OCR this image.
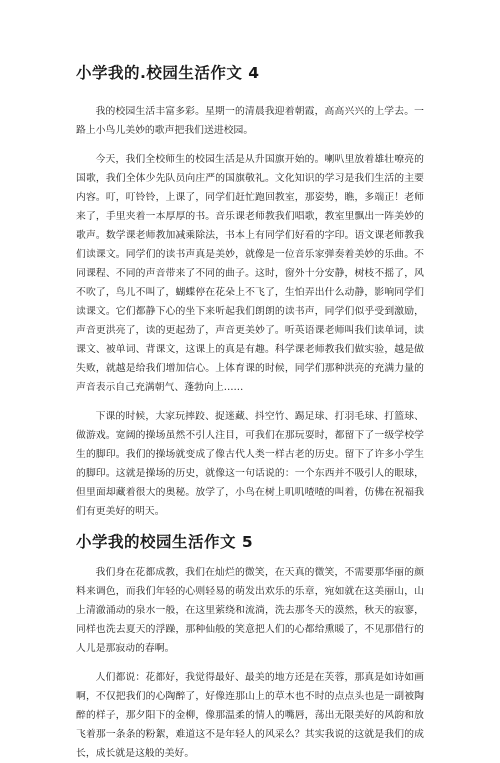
小学我的.校园生活作文 4

我的校园生活丰富多彩。星期一的清晨我迎着朝霞，高高兴兴的上学去。一路上小鸟儿美妙的歌声把我们送进校园。

今天，我们全校师生的校园生活是从升国旗开始的。喇叭里放着雄壮嘹亮的国歌，我们全体少先队员向庄严的国旗敬礼。文化知识的学习是我们生活的主要内容。叮，叮铃铃，上课了，同学们赶忙跑回教室，那姿势，瞧，多端正！老师来了，手里夹着一本厚厚的书。音乐课老师教我们唱歌，教室里飘出一阵美妙的歌声。数学课老师教加减乘除法，书本上有同学们好看的字印。语文课老师教我们读课文。同学们的读书声真是美妙，就像是一位音乐家弹奏着美妙的乐曲。不同课程、不同的声音带来了不同的曲子。这时，窗外十分安静，树枝不摇了，风不吹了，鸟儿不叫了，蝴蝶停在花朵上不飞了，生怕弄出什么动静，影响同学们读课文。它们都静下心的坐下来听起我们朗朗的读书声，同学们似乎受到激励，声音更洪亮了，读的更起劲了，声音更美妙了。听英语课老师叫我们读单词，读课文、被单词、背课文，这课上的真是有趣。科学课老师教我们做实验，越是做失败，就越是给我们增加信心。上体育课的时候，同学们那种洪亮的充满力量的声音表示自己充满朝气、蓬勃向上……

下课的时候，大家玩摔跤、捉迷藏、抖空竹、踢足球、打羽毛球、打篮球、做游戏。宽阔的操场虽然不引人注目，可我们在那玩耍时，都留下了一级学校学生的脚印。我们的操场就变成了像古代人类一样古老的历史。留下了许多小学生的脚印。这就是操场的历史，就像这一句话说的：一个东西并不吸引人的眼球，但里面却藏着很大的奥秘。放学了，小鸟在树上叽叽喳喳的叫着，仿佛在祝福我们有更美好的明天。

小学我的校园生活作文 5

我们身在花都成教，我们在灿烂的微笑，在天真的微笑，不需要那华丽的颜料来调色，而我们年轻的心则轻易的萌发出欢乐的乐章，宛如就在这美丽山，山上清澈涌动的泉水一般，在这里萦绕和流淌，洗去那冬天的漠然，秋天的寂寥，同样也洗去夏天的浮躁，那种仙般的笑意把人们的心都给熏暖了，不见那借行的人儿是那寂动的春啊。

人们都说：花都好，我觉得最好、最美的地方还是在芙蓉，那真是如诗如画啊，不仅把我们的心陶醉了，好像连那山上的草木也不时的点点头也是一副被陶醉的样子，那夕阳下的金柳，像那温柔的情人的嘴唇，荡出无限美好的风韵和放飞着那一条条的粉絮，难道这不是年轻人的风采么？其实我说的这就是我们的成长，成长就是这般的美好。
